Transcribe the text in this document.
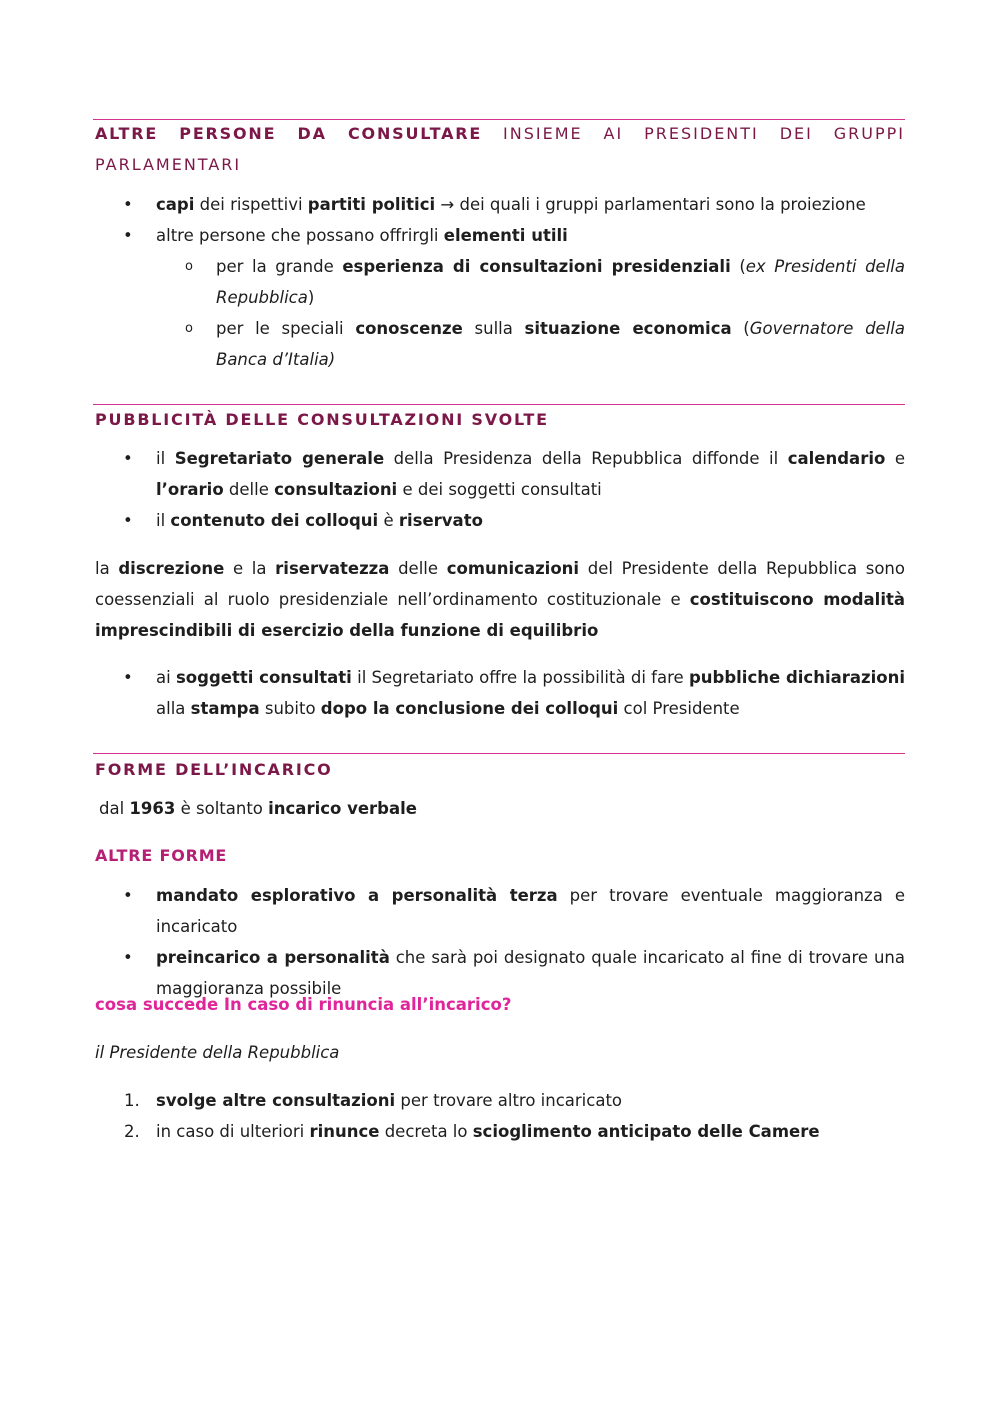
ALTRE PERSONE DA CONSULTARE INSIEME AI PRESIDENTI DEI GRUPPI PARLAMENTARI
•	capi dei rispettivi partiti politici → dei quali i gruppi parlamentari sono la proiezione
•	altre persone che possano offrirgli elementi utili
o per la grande esperienza di consultazioni presidenziali (ex Presidenti della Repubblica)
o per le speciali conoscenze sulla situazione economica (Governatore della Banca d’Italia)
PUBBLICITÀ DELLE CONSULTAZIONI SVOLTE
•	il Segretariato generale della Presidenza della Repubblica diffonde il calendario e l’orario delle consultazioni e dei soggetti consultati
•	il contenuto dei colloqui è riservato

la discrezione e la riservatezza delle comunicazioni del Presidente della Repubblica sono coessenziali al ruolo presidenziale nell’ordinamento costituzionale e costituiscono modalità imprescindibili di esercizio della funzione di equilibrio

•	ai soggetti consultati il Segretariato offre la possibilità di fare pubbliche dichiarazioni alla stampa subito dopo la conclusione dei colloqui col Presidente
FORME DELL’INCARICO

dal 1963 è soltanto incarico verbale

ALTRE FORME
•	mandato esplorativo a personalità terza per trovare eventuale maggioranza e incaricato
•	preincarico a personalità che sarà poi designato quale incaricato al fine di trovare una maggioranza possibile
cosa succede In caso di rinuncia all’incarico?

il Presidente della Repubblica

1. svolge altre consultazioni per trovare altro incaricato
2. in caso di ulteriori rinunce decreta lo scioglimento anticipato delle Camere
